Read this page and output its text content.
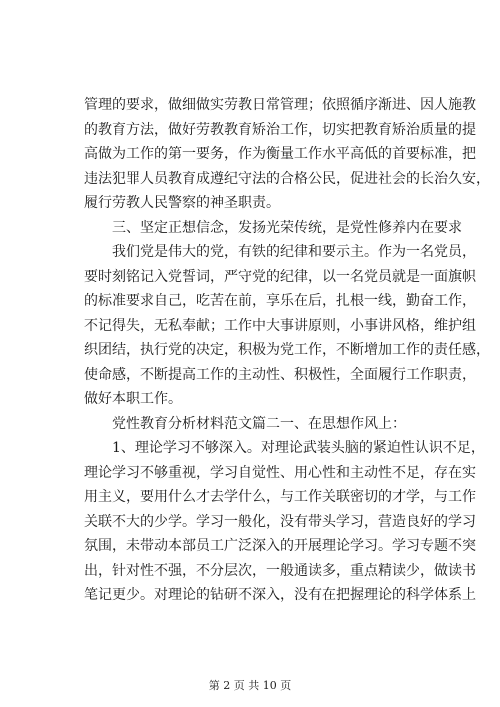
管理的要求，做细做实劳教日常管理；依照循序渐进、因人施教
的教育方法，做好劳教教育矫治工作，切实把教育矫治质量的提
高做为工作的第一要务，作为衡量工作水平高低的首要标准，把
违法犯罪人员教育成遵纪守法的合格公民，促进社会的长治久安，
履行劳教人民警察的神圣职责。
　　三、坚定正想信念，发扬光荣传统，是党性修养内在要求
　　我们党是伟大的党，有铁的纪律和要示主。作为一名党员，
要时刻铭记入党誓词，严守党的纪律，以一名党员就是一面旗帜
的标准要求自己，吃苦在前，享乐在后，扎根一线，勤奋工作，
不记得失，无私奉献；工作中大事讲原则，小事讲风格，维护组
织团结，执行党的决定，积极为党工作，不断增加工作的责任感，
使命感，不断提高工作的主动性、积极性，全面履行工作职责，
做好本职工作。
　　党性教育分析材料范文篇二一、在思想作风上：
　　1、理论学习不够深入。对理论武装头脑的紧迫性认识不足，
理论学习不够重视，学习自觉性、用心性和主动性不足，存在实
用主义，要用什么才去学什么，与工作关联密切的才学，与工作
关联不大的少学。学习一般化，没有带头学习，营造良好的学习
氛围，未带动本部员工广泛深入的开展理论学习。学习专题不突
出，针对性不强，不分层次，一般通读多，重点精读少，做读书
笔记更少。对理论的钻研不深入，没有在把握理论的科学体系上
第 2 页 共 10 页
